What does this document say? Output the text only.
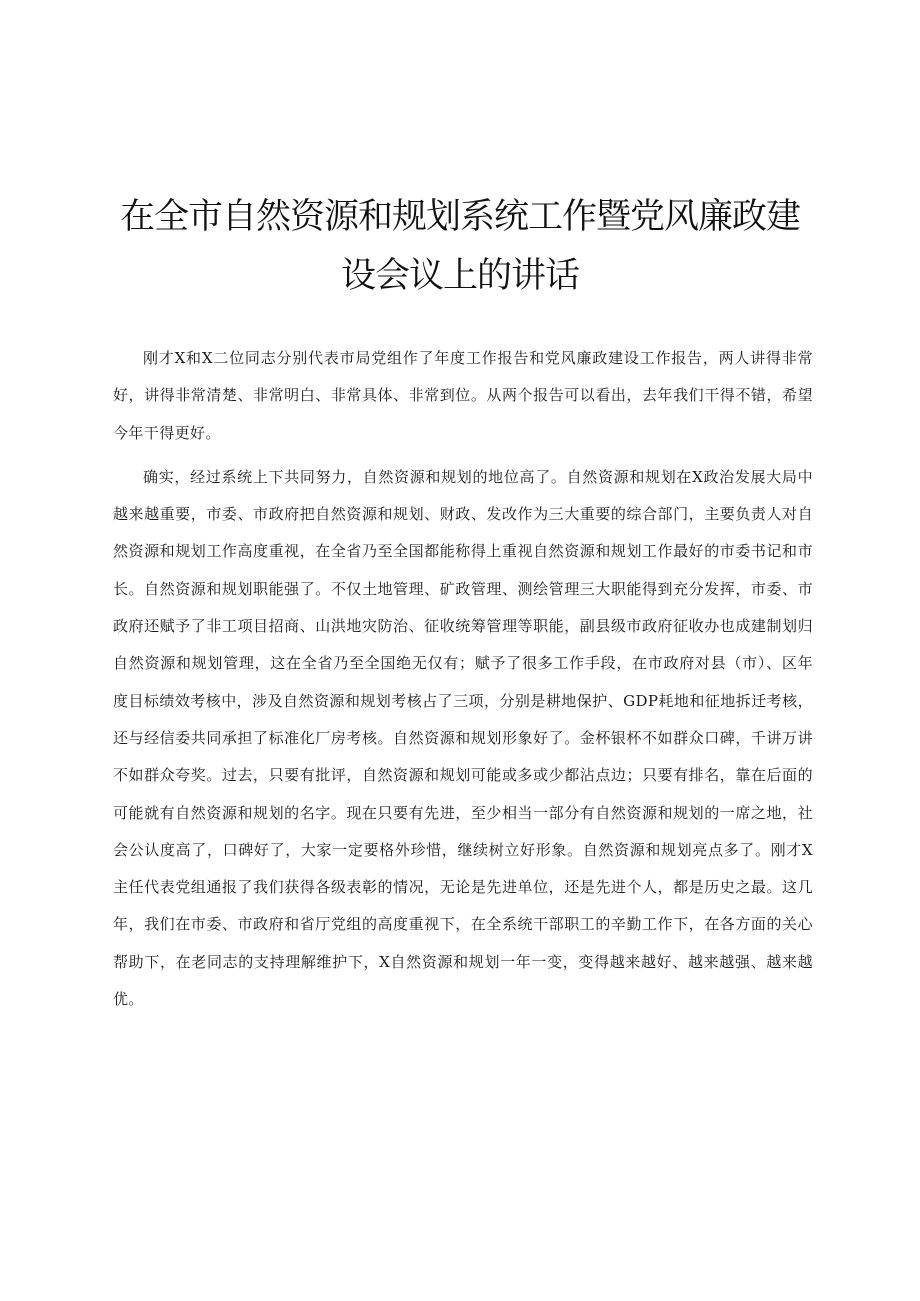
在全市自然资源和规划系统工作暨党风廉政建
设会议上的讲话

刚才X和X二位同志分别代表市局党组作了年度工作报告和党风廉政建设工作报告，两人讲得非常好，讲得非常清楚、非常明白、非常具体、非常到位。从两个报告可以看出，去年我们干得不错，希望今年干得更好。

确实，经过系统上下共同努力，自然资源和规划的地位高了。自然资源和规划在X政治发展大局中越来越重要，市委、市政府把自然资源和规划、财政、发改作为三大重要的综合部门，主要负责人对自然资源和规划工作高度重视，在全省乃至全国都能称得上重视自然资源和规划工作最好的市委书记和市长。自然资源和规划职能强了。不仅土地管理、矿政管理、测绘管理三大职能得到充分发挥，市委、市政府还赋予了非工项目招商、山洪地灾防治、征收统筹管理等职能，副县级市政府征收办也成建制划归自然资源和规划管理，这在全省乃至全国绝无仅有；赋予了很多工作手段，在市政府对县（市）、区年度目标绩效考核中，涉及自然资源和规划考核占了三项，分别是耕地保护、GDP耗地和征地拆迁考核，还与经信委共同承担了标准化厂房考核。自然资源和规划形象好了。金杯银杯不如群众口碑，千讲万讲不如群众夸奖。过去，只要有批评，自然资源和规划可能或多或少都沾点边；只要有排名，靠在后面的可能就有自然资源和规划的名字。现在只要有先进，至少相当一部分有自然资源和规划的一席之地，社会公认度高了，口碑好了，大家一定要格外珍惜，继续树立好形象。自然资源和规划亮点多了。刚才X主任代表党组通报了我们获得各级表彰的情况，无论是先进单位，还是先进个人，都是历史之最。这几年，我们在市委、市政府和省厅党组的高度重视下，在全系统干部职工的辛勤工作下，在各方面的关心帮助下，在老同志的支持理解维护下，X自然资源和规划一年一变，变得越来越好、越来越强、越来越优。
